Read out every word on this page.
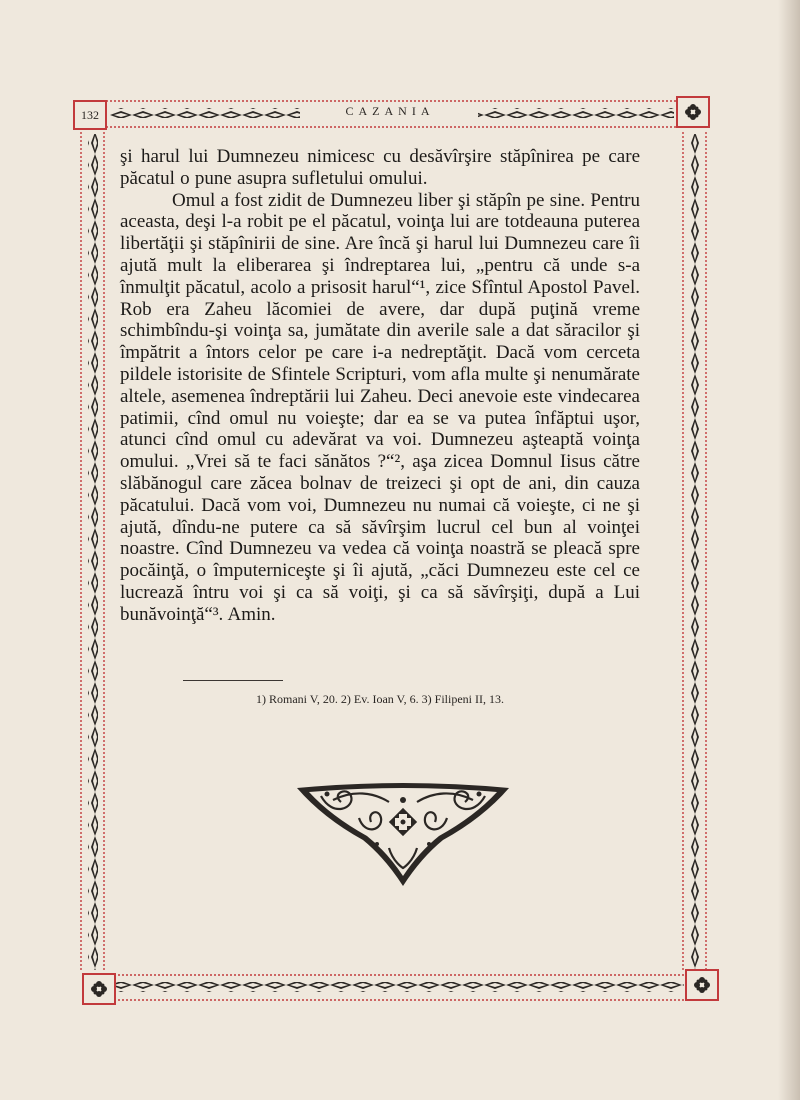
132	CAZANIA

şi harul lui Dumnezeu nimicesc cu desăvîrşire stăpînirea pe care păcatul o pune asupra sufletului omului.

Omul a fost zidit de Dumnezeu liber şi stăpîn pe sine. Pentru aceasta, deşi l-a robit pe el păcatul, voinţa lui are totdeauna puterea libertăţii şi stăpînirii de sine. Are încă şi harul lui Dumnezeu care îi ajută mult la eliberarea şi îndreptarea lui, „pentru că unde s-a înmulţit păcatul, acolo a prisosit harul“¹, zice Sfîntul Apostol Pavel. Rob era Zaheu lăcomiei de avere, dar după puţină vreme schimbîndu-şi voinţa sa, jumătate din averile sale a dat săracilor şi împătrit a întors celor pe care i-a nedreptăţit. Dacă vom cerceta pildele istorisite de Sfintele Scripturi, vom afla multe şi nenumărate altele, asemenea îndreptării lui Zaheu. Deci anevoie este vindecarea patimii, cînd omul nu voieşte; dar ea se va putea înfăptui uşor, atunci cînd omul cu adevărat va voi. Dumnezeu aşteaptă voinţa omului. „Vrei să te faci sănătos ?“², aşa zicea Domnul Iisus către slăbănogul care zăcea bolnav de treizeci şi opt de ani, din cauza păcatului. Dacă vom voi, Dumnezeu nu numai că voieşte, ci ne şi ajută, dîndu-ne putere ca să săvîrşim lucrul cel bun al voinţei noastre. Cînd Dumnezeu va vedea că voinţa noastră se pleacă spre pocăinţă, o împuterniceşte şi îi ajută, „căci Dumnezeu este cel ce lucrează întru voi şi ca să voiţi, şi ca să săvîrşiţi, după a Lui bunăvoinţă“³. Amin.

1) Romani V, 20. 2) Ev. Ioan V, 6. 3) Filipeni II, 13.
